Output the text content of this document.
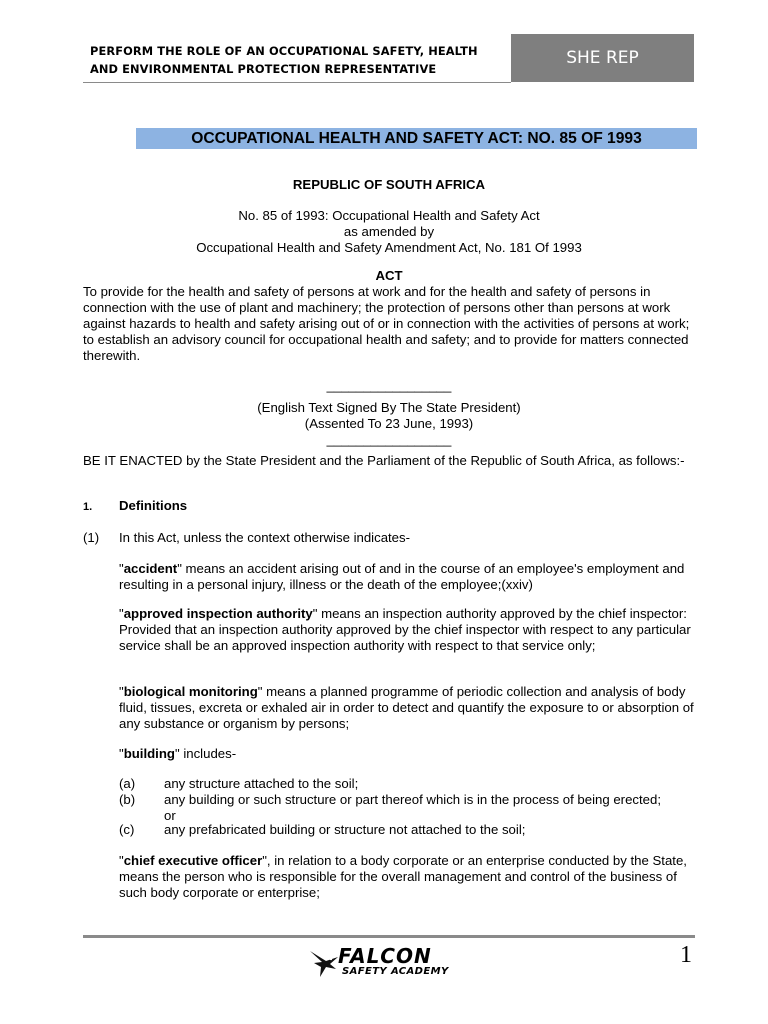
PERFORM THE ROLE OF AN OCCUPATIONAL SAFETY, HEALTH
AND ENVIRONMENTAL PROTECTION REPRESENTATIVE
SHE REP
OCCUPATIONAL HEALTH AND SAFETY ACT: NO. 85 OF 1993
REPUBLIC OF SOUTH AFRICA
No. 85 of 1993: Occupational Health and Safety Act
as amended by
Occupational Health and Safety Amendment Act, No. 181 Of 1993
ACT
To provide for the health and safety of persons at work and for the health and safety of persons in connection with the use of plant and machinery; the protection of persons other than persons at work against hazards to health and safety arising out of or in connection with the activities of persons at work; to establish an advisory council for occupational health and safety; and to provide for matters connected therewith.
_________________
(English Text Signed By The State President)
(Assented To 23 June, 1993)
_________________
BE IT ENACTED by the State President and the Parliament of the Republic of South Africa, as follows:-
1. Definitions
(1) In this Act, unless the context otherwise indicates-
"accident" means an accident arising out of and in the course of an employee's employment and resulting in a personal injury, illness or the death of the employee;(xxiv)
"approved inspection authority" means an inspection authority approved by the chief inspector: Provided that an inspection authority approved by the chief inspector with respect to any particular service shall be an approved inspection authority with respect to that service only;
"biological monitoring" means a planned programme of periodic collection and analysis of body fluid, tissues, excreta or exhaled air in order to detect and quantify the exposure to or absorption of any substance or organism by persons;
"building" includes-
(a) any structure attached to the soil;
(b) any building or such structure or part thereof which is in the process of being erected; or
(c) any prefabricated building or structure not attached to the soil;
"chief executive officer", in relation to a body corporate or an enterprise conducted by the State, means the person who is responsible for the overall management and control of the business of such body corporate or enterprise;
FALCON
SAFETY ACADEMY
1
